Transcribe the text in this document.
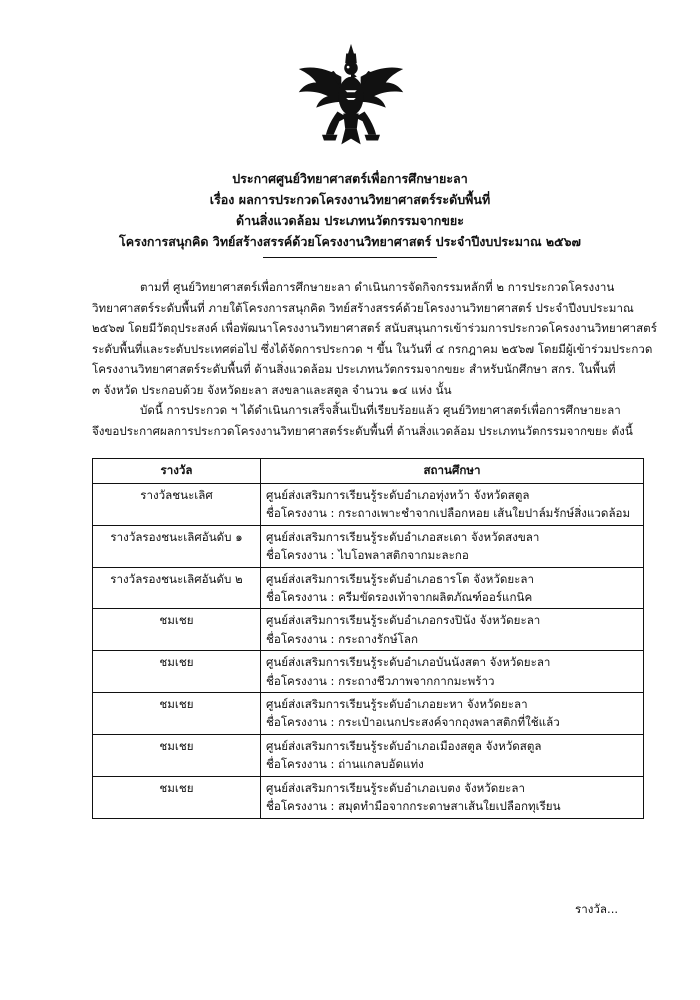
ประกาศศูนย์วิทยาศาสตร์เพื่อการศึกษายะลา
เรื่อง ผลการประกวดโครงงานวิทยาศาสตร์ระดับพื้นที่
ด้านสิ่งแวดล้อม ประเภทนวัตกรรมจากขยะ
โครงการสนุกคิด วิทย์สร้างสรรค์ด้วยโครงงานวิทยาศาสตร์ ประจำปีงบประมาณ ๒๕๖๗
ตามที่ ศูนย์วิทยาศาสตร์เพื่อการศึกษายะลา ดำเนินการจัดกิจกรรมหลักที่ ๒ การประกวดโครงงาน
วิทยาศาสตร์ระดับพื้นที่ ภายใต้โครงการสนุกคิด วิทย์สร้างสรรค์ด้วยโครงงานวิทยาศาสตร์ ประจำปีงบประมาณ
๒๕๖๗ โดยมีวัตถุประสงค์ เพื่อพัฒนาโครงงานวิทยาศาสตร์ สนับสนุนการเข้าร่วมการประกวดโครงงานวิทยาศาสตร์
ระดับพื้นที่และระดับประเทศต่อไป ซึ่งได้จัดการประกวด ฯ ขึ้น ในวันที่ ๔ กรกฎาคม ๒๕๖๗ โดยมีผู้เข้าร่วมประกวด
โครงงานวิทยาศาสตร์ระดับพื้นที่ ด้านสิ่งแวดล้อม ประเภทนวัตกรรมจากขยะ สำหรับนักศึกษา สกร. ในพื้นที่
๓ จังหวัด ประกอบด้วย จังหวัดยะลา สงขลาและสตูล จำนวน ๑๔ แห่ง นั้น
บัดนี้ การประกวด ฯ ได้ดำเนินการเสร็จสิ้นเป็นที่เรียบร้อยแล้ว ศูนย์วิทยาศาสตร์เพื่อการศึกษายะลา
จึงขอประกาศผลการประกวดโครงงานวิทยาศาสตร์ระดับพื้นที่ ด้านสิ่งแวดล้อม ประเภทนวัตกรรมจากขยะ ดังนี้
รางวัล	สถานศึกษา
รางวัลชนะเลิศ	ศูนย์ส่งเสริมการเรียนรู้ระดับอำเภอทุ่งหว้า จังหวัดสตูล
ชื่อโครงงาน : กระถางเพาะชำจากเปลือกหอย เส้นใยปาล์มรักษ์สิ่งแวดล้อม

รางวัลรองชนะเลิศอันดับ ๑	ศูนย์ส่งเสริมการเรียนรู้ระดับอำเภอสะเดา จังหวัดสงขลา
ชื่อโครงงาน : ไบโอพลาสติกจากมะละกอ

รางวัลรองชนะเลิศอันดับ ๒	ศูนย์ส่งเสริมการเรียนรู้ระดับอำเภอธารโต จังหวัดยะลา
ชื่อโครงงาน : ครีมขัดรองเท้าจากผลิตภัณฑ์ออร์แกนิค

ชมเชย	ศูนย์ส่งเสริมการเรียนรู้ระดับอำเภอกรงปินัง จังหวัดยะลา
ชื่อโครงงาน : กระถางรักษ์โลก

ชมเชย	ศูนย์ส่งเสริมการเรียนรู้ระดับอำเภอบันนังสตา จังหวัดยะลา
ชื่อโครงงาน : กระถางชีวภาพจากกากมะพร้าว

ชมเชย	ศูนย์ส่งเสริมการเรียนรู้ระดับอำเภอยะหา จังหวัดยะลา
ชื่อโครงงาน : กระเป๋าอเนกประสงค์จากถุงพลาสติกที่ใช้แล้ว

ชมเชย	ศูนย์ส่งเสริมการเรียนรู้ระดับอำเภอเมืองสตูล จังหวัดสตูล
ชื่อโครงงาน : ถ่านแกลบอัดแท่ง

ชมเชย	ศูนย์ส่งเสริมการเรียนรู้ระดับอำเภอเบตง จังหวัดยะลา
ชื่อโครงงาน : สมุดทำมือจากกระดาษสาเส้นใยเปลือกทุเรียน
รางวัล...
